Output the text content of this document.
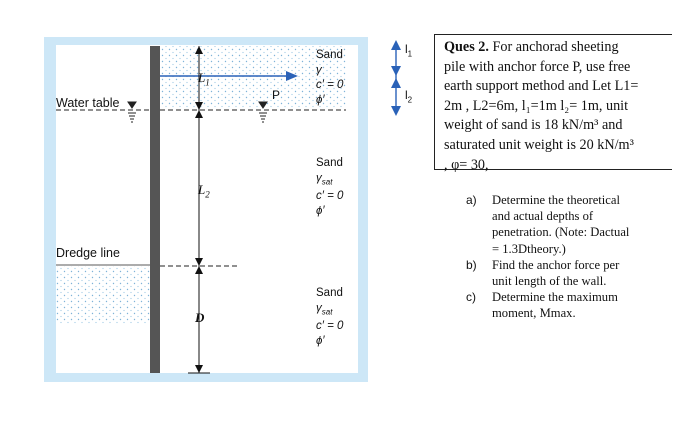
Water table
Dredge line
$L_1$
$L_2$
D
P
$l_1$
$l_2$
Sand
γ
c′ = 0
ϕ′
Sand
$\gamma_{sat}$
c′ = 0
ϕ′
Sand
$\gamma_{sat}$
c′ = 0
ϕ′
Ques 2. For anchorad sheeting
pile with anchor force P, use free
earth support method and Let L1=
2m , L2=6m, l₁=1m l₂= 1m, unit
weight of sand is 18 kN/m³ and
saturated unit weight is 20 kN/m³
, φ= 30,
a) Determine the theoretical
and actual depths of
penetration. (Note: Dactual
= 1.3Dtheory.)
b) Find the anchor force per
unit length of the wall.
c) Determine the maximum
moment, Mmax.
